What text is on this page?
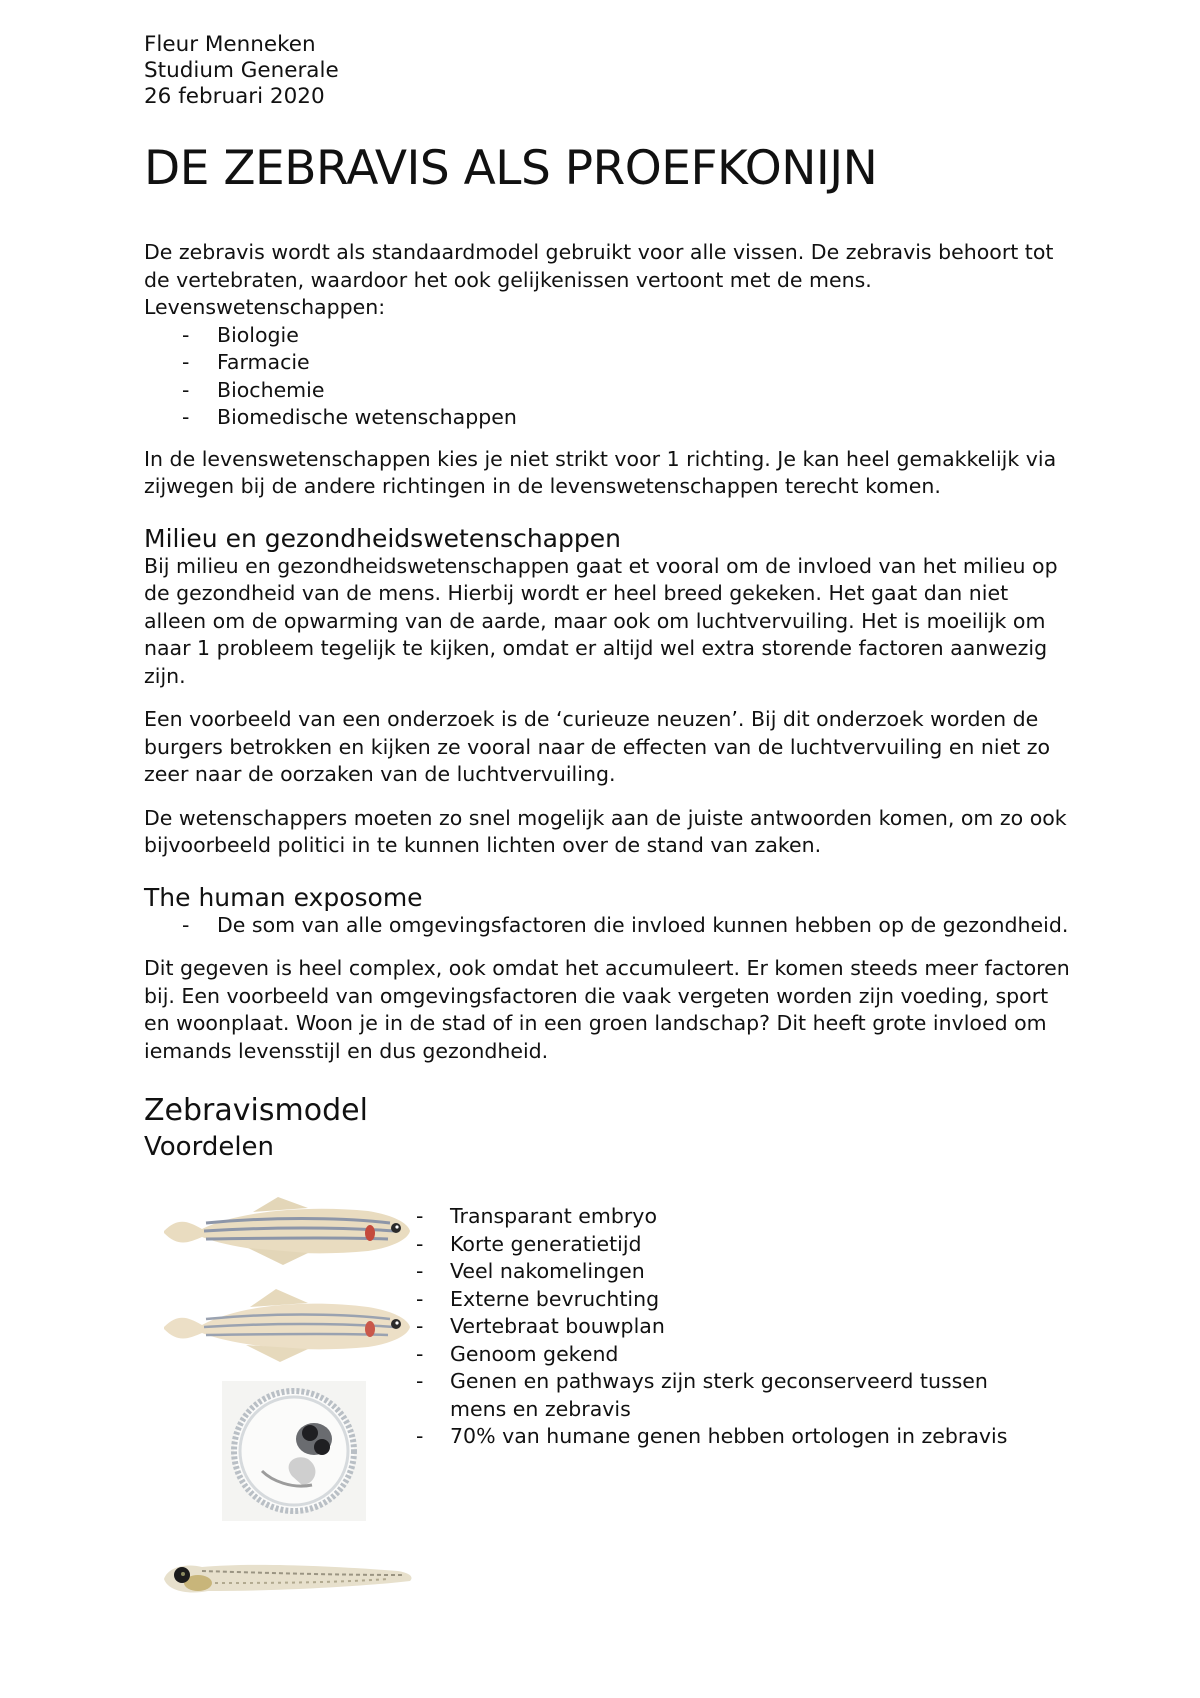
Fleur Menneken
Studium Generale
26 februari 2020
DE ZEBRAVIS ALS PROEFKONIJN

De zebravis wordt als standaardmodel gebruikt voor alle vissen. De zebravis behoort tot de vertebraten, waardoor het ook gelijkenissen vertoont met de mens. Levenswetenschappen:

- Biologie
- Farmacie
- Biochemie
- Biomedische wetenschappen

In de levenswetenschappen kies je niet strikt voor 1 richting. Je kan heel gemakkelijk via zijwegen bij de andere richtingen in de levenswetenschappen terecht komen.

Milieu en gezondheidswetenschappen

Bij milieu en gezondheidswetenschappen gaat et vooral om de invloed van het milieu op de gezondheid van de mens. Hierbij wordt er heel breed gekeken. Het gaat dan niet alleen om de opwarming van de aarde, maar ook om luchtvervuiling. Het is moeilijk om naar 1 probleem tegelijk te kijken, omdat er altijd wel extra storende factoren aanwezig zijn.

Een voorbeeld van een onderzoek is de ‘curieuze neuzen’. Bij dit onderzoek worden de burgers betrokken en kijken ze vooral naar de effecten van de luchtvervuiling en niet zo zeer naar de oorzaken van de luchtvervuiling.

De wetenschappers moeten zo snel mogelijk aan de juiste antwoorden komen, om zo ook bijvoorbeeld politici in te kunnen lichten over de stand van zaken.

The human exposome
- De som van alle omgevingsfactoren die invloed kunnen hebben op de gezondheid.

Dit gegeven is heel complex, ook omdat het accumuleert. Er komen steeds meer factoren bij. Een voorbeeld van omgevingsfactoren die vaak vergeten worden zijn voeding, sport en woonplaat. Woon je in de stad of in een groen landschap? Dit heeft grote invloed om iemands levensstijl en dus gezondheid.

Zebravismodel
Voordelen
- Transparant embryo
- Korte generatietijd
- Veel nakomelingen
- Externe bevruchting
- Vertebraat bouwplan
- Genoom gekend
- Genen en pathways zijn sterk geconserveerd tussen mens en zebravis
- 70% van humane genen hebben ortologen in zebravis
